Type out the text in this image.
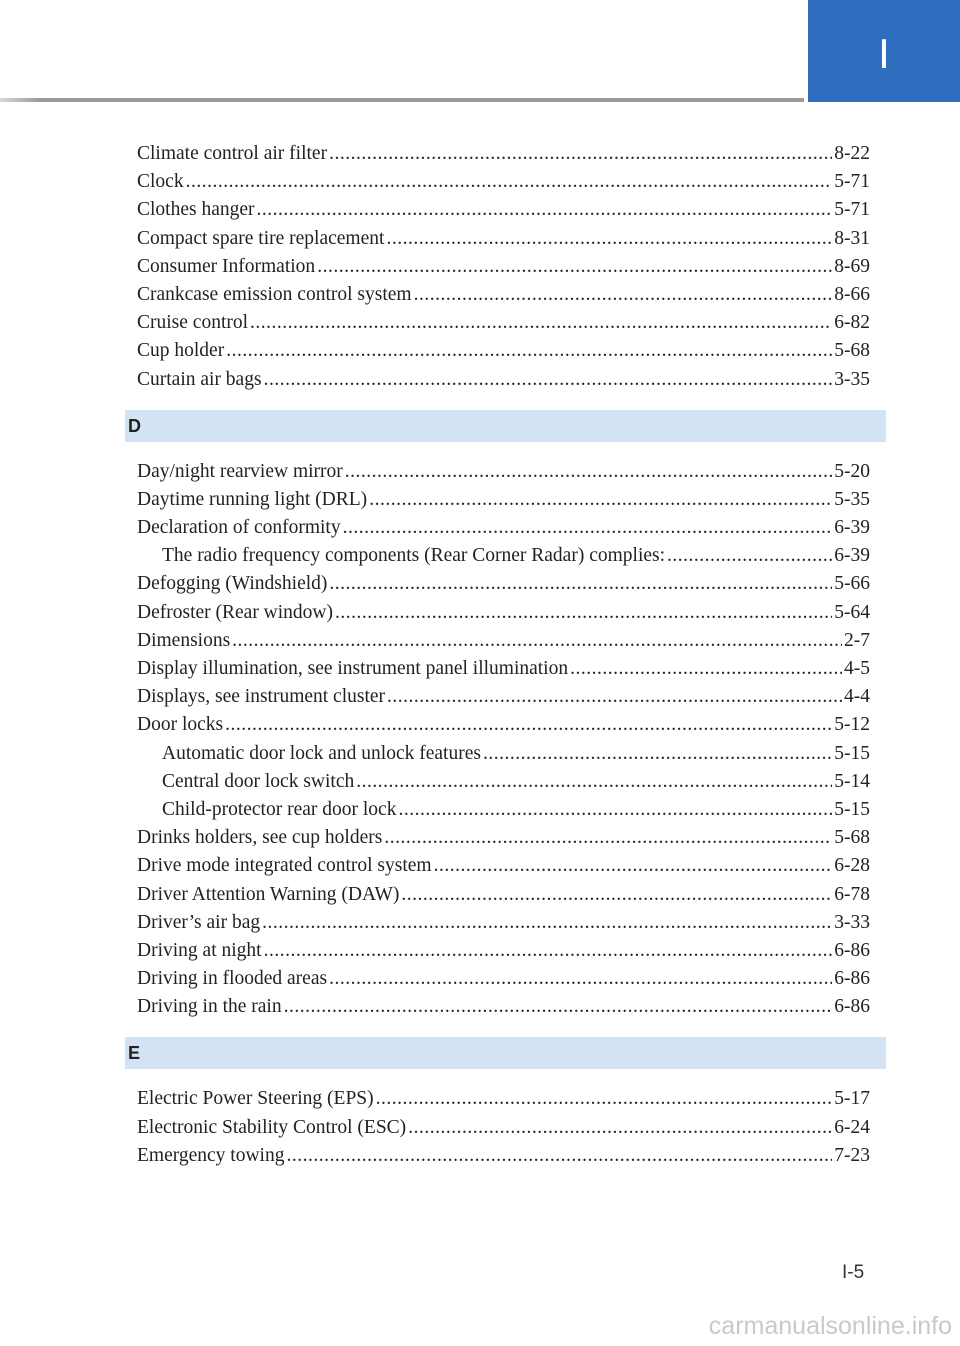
I
Climate control air filter .....	8-22
Clock .....	5-71
Clothes hanger .....	5-71
Compact spare tire replacement .....	8-31
Consumer Information .....	8-69
Crankcase emission control system .....	8-66
Cruise control .....	6-82
Cup holder .....	5-68
Curtain air bags .....	3-35
D
Day/night rearview mirror .....	5-20
Daytime running light (DRL) .....	5-35
Declaration of conformity .....	6-39
The radio frequency components (Rear Corner Radar) complies: .....	6-39
Defogging (Windshield) .....	5-66
Defroster (Rear window) .....	5-64
Dimensions .....	2-7
Display illumination, see instrument panel illumination .....	4-5
Displays, see instrument cluster .....	4-4
Door locks .....	5-12
Automatic door lock and unlock features .....	5-15
Central door lock switch .....	5-14
Child-protector rear door lock .....	5-15
Drinks holders, see cup holders .....	5-68
Drive mode integrated control system .....	6-28
Driver Attention Warning (DAW) .....	6-78
Driver’s air bag .....	3-33
Driving at night .....	6-86
Driving in flooded areas .....	6-86
Driving in the rain .....	6-86
E
Electric Power Steering (EPS) .....	5-17
Electronic Stability Control (ESC) .....	6-24
Emergency towing .....	7-23
I-5
carmanualsonline.info
